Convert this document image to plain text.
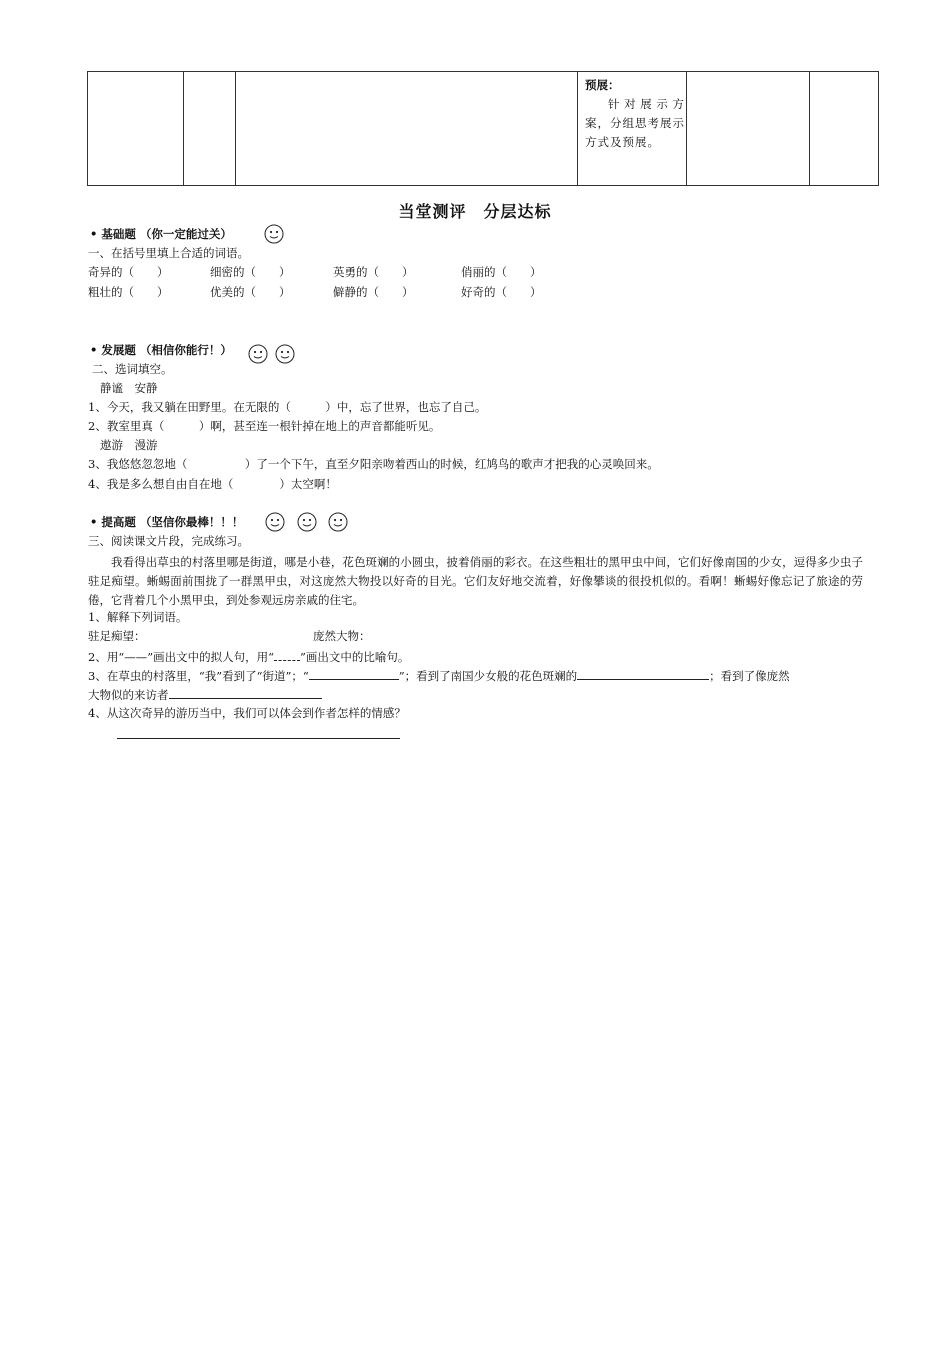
预展：
针对展示方案，分组思考展示方式及预展。
当堂测评　分层达标
• 基础题 （你一定能过关）
一、在括号里填上合适的词语。
奇异的（　　）	细密的（　　）	英勇的（　　）	俏丽的（　　）
粗壮的（　　）	优美的（　　）	僻静的（　　）	好奇的（　　）
• 发展题 （相信你能行！）
二、选词填空。
静谧　安静
1、今天，我又躺在田野里。在无限的（　　　）中，忘了世界，也忘了自己。
2、教室里真（　　　）啊，甚至连一根针掉在地上的声音都能听见。
遨游　漫游
3、我悠悠忽忽地（　　　　　）了一个下午，直至夕阳亲吻着西山的时候，红鸠鸟的歌声才把我的心灵唤回来。
4、我是多么想自由自在地（　　　　）太空啊！
• 提高题 （坚信你最棒！！！
三、阅读课文片段，完成练习。
我看得出草虫的村落里哪是街道，哪是小巷，花色斑斓的小圆虫，披着俏丽的彩衣。在这些粗壮的黑甲虫中间，它们好像南国的少女，逗得多少虫子驻足痴望。蜥蜴面前围拢了一群黑甲虫，对这庞然大物投以好奇的目光。它们友好地交流着，好像攀谈的很投机似的。看啊！蜥蜴好像忘记了旅途的劳倦，它背着几个小黑甲虫，到处参观远房亲戚的住宅。
1、解释下列词语。
驻足痴望：	庞然大物：
2、用“——”画出文中的拟人句，用“ ”画出文中的比喻句。
3、在草虫的村落里，“我”看到了“街道”；“	”；看到了南国少女般的花色斑斓的	；看到了像庞然
大物似的来访者
4、从这次奇异的游历当中，我们可以体会到作者怎样的情感？
